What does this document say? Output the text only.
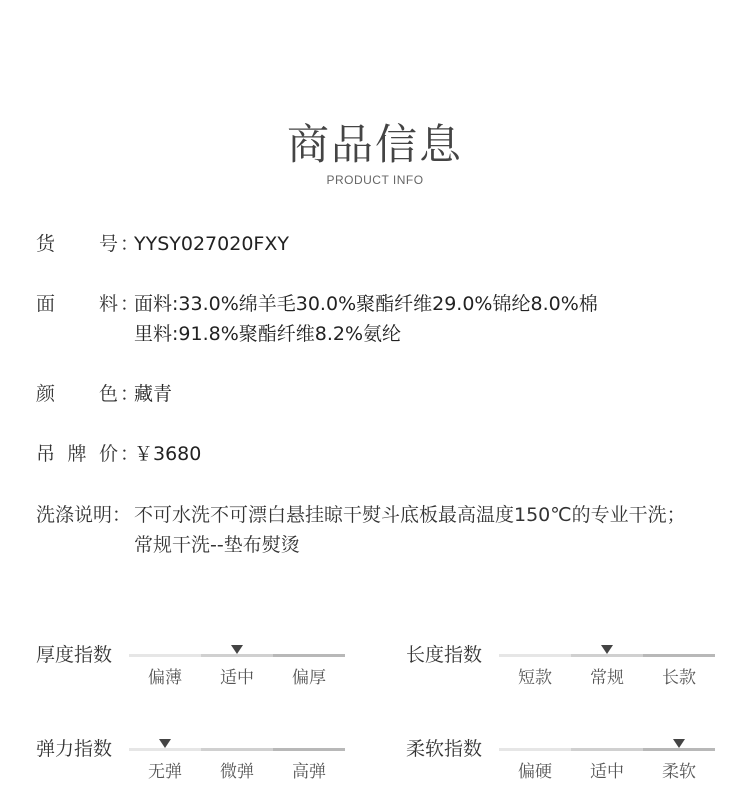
商品信息
PRODUCT INFO
货 号 ：
YYSY027020FXY
面 料 ：
面料:33.0%绵羊毛30.0%聚酯纤维29.0%锦纶8.0%棉
里料:91.8%聚酯纤维8.2%氨纶
颜 色 ：
藏青
吊 牌 价 ：
￥3680
洗涤说明： 不可水洗不可漂白悬挂晾干熨斗底板最高温度150℃的专业干洗；
常规干洗--垫布熨烫
厚度指数
偏薄	适中	偏厚
长度指数
短款	常规	长款
弹力指数
无弹	微弹	高弹
柔软指数
偏硬	适中	柔软
